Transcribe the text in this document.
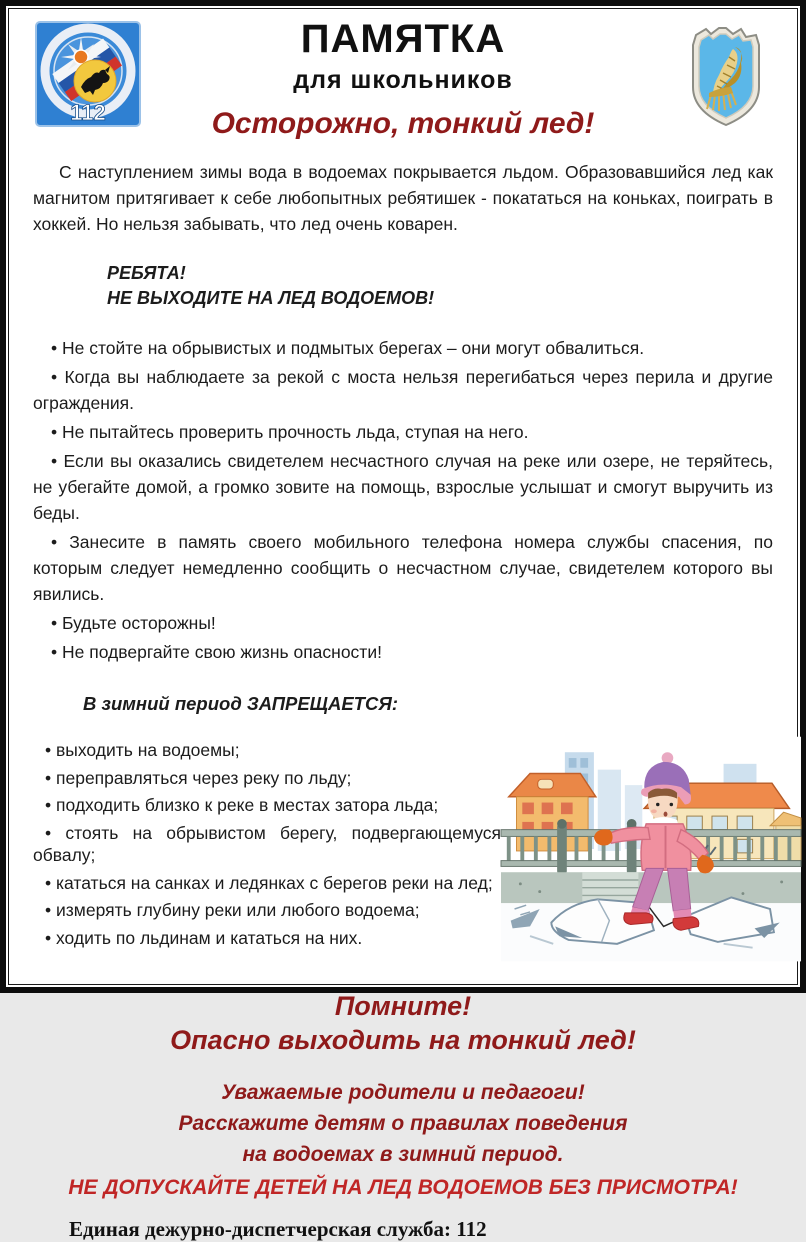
112
ПАМЯТКА
для школьников
Осторожно, тонкий лед!

С наступлением зимы вода в водоемах покрывается льдом. Образовавшийся лед как магнитом притягивает к себе любопытных ребятишек - покататься на коньках, поиграть в хоккей. Но нельзя забывать, что лед очень коварен.

РЕБЯТА!
НЕ ВЫХОДИТЕ НА ЛЕД ВОДОЕМОВ!
• Не стойте на обрывистых и подмытых берегах – они могут обвалиться.
• Когда вы наблюдаете за рекой с моста нельзя перегибаться через перила и другие ограждения.
• Не пытайтесь проверить прочность льда, ступая на него.
• Если вы оказались свидетелем несчастного случая на реке или озере, не теряйтесь, не убегайте домой, а громко зовите на помощь, взрослые услышат и смогут выручить из беды.
• Занесите в память своего мобильного телефона номера службы спасения, по которым следует немедленно сообщить о несчастном случае, свидетелем которого вы явились.
• Будьте осторожны!
• Не подвергайте свою жизнь опасности!
В зимний период ЗАПРЕЩАЕТСЯ:
• выходить на водоемы;
• переправляться через реку по льду;
• подходить близко к реке в местах затора льда;
• стоять на обрывистом берегу, подвергающемуся обвалу;
• кататься на санках и ледянках с берегов реки на лед;
• измерять глубину реки или любого водоема;
• ходить по льдинам и кататься на них.

Помните!

Опасно выходить на тонкий лед!

Уважаемые родители и педагоги!

Расскажите детям о правилах поведения

на водоемах в зимний период.

НЕ ДОПУСКАЙТЕ ДЕТЕЙ НА ЛЕД ВОДОЕМОВ БЕЗ ПРИСМОТРА!

Единая дежурно-диспетчерская служба: 112
